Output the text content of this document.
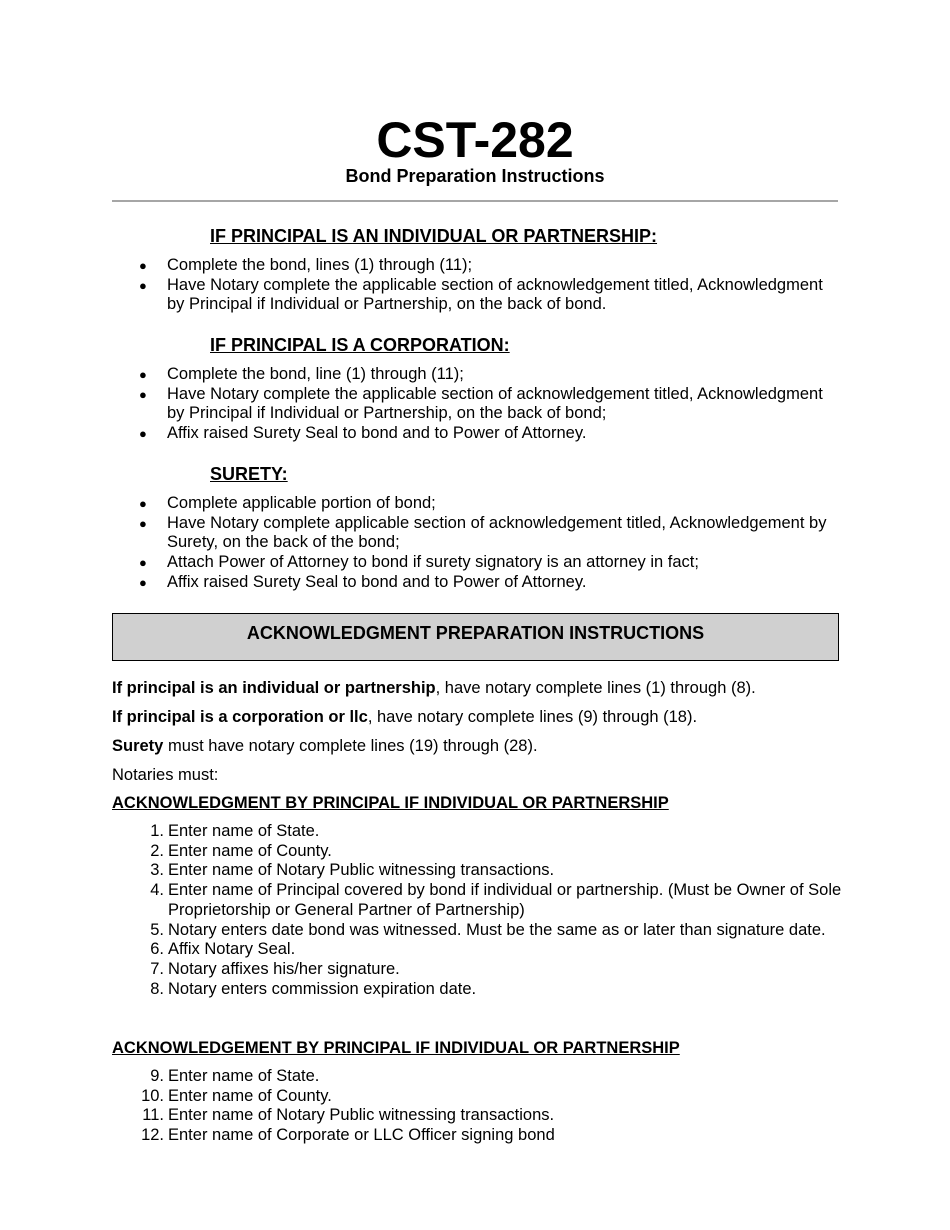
CST-282
Bond Preparation Instructions
IF PRINCIPAL IS AN INDIVIDUAL OR PARTNERSHIP:
● Complete the bond, lines (1) through (11);
● Have Notary complete the applicable section of acknowledgement titled, Acknowledgment by Principal if Individual or Partnership, on the back of bond.
IF PRINCIPAL IS A CORPORATION:
● Complete the bond, line (1) through (11);
● Have Notary complete the applicable section of acknowledgement titled, Acknowledgment by Principal if Individual or Partnership, on the back of bond;
● Affix raised Surety Seal to bond and to Power of Attorney.
SURETY:
● Complete applicable portion of bond;
● Have Notary complete applicable section of acknowledgement titled, Acknowledgement by Surety, on the back of the bond;
● Attach Power of Attorney to bond if surety signatory is an attorney in fact;
● Affix raised Surety Seal to bond and to Power of Attorney.
ACKNOWLEDGMENT PREPARATION INSTRUCTIONS

If principal is an individual or partnership, have notary complete lines (1) through (8).

If principal is a corporation or llc, have notary complete lines (9) through (18).

Surety must have notary complete lines (19) through (28).

Notaries must:

ACKNOWLEDGMENT BY PRINCIPAL IF INDIVIDUAL OR PARTNERSHIP
1. Enter name of State.
2. Enter name of County.
3. Enter name of Notary Public witnessing transactions.
4. Enter name of Principal covered by bond if individual or partnership. (Must be Owner of Sole Proprietorship or General Partner of Partnership)
5. Notary enters date bond was witnessed. Must be the same as or later than signature date.
6. Affix Notary Seal.
7. Notary affixes his/her signature.
8. Notary enters commission expiration date.
ACKNOWLEDGEMENT BY PRINCIPAL IF INDIVIDUAL OR PARTNERSHIP
9. Enter name of State.
10. Enter name of County.
11. Enter name of Notary Public witnessing transactions.
12. Enter name of Corporate or LLC Officer signing bond
